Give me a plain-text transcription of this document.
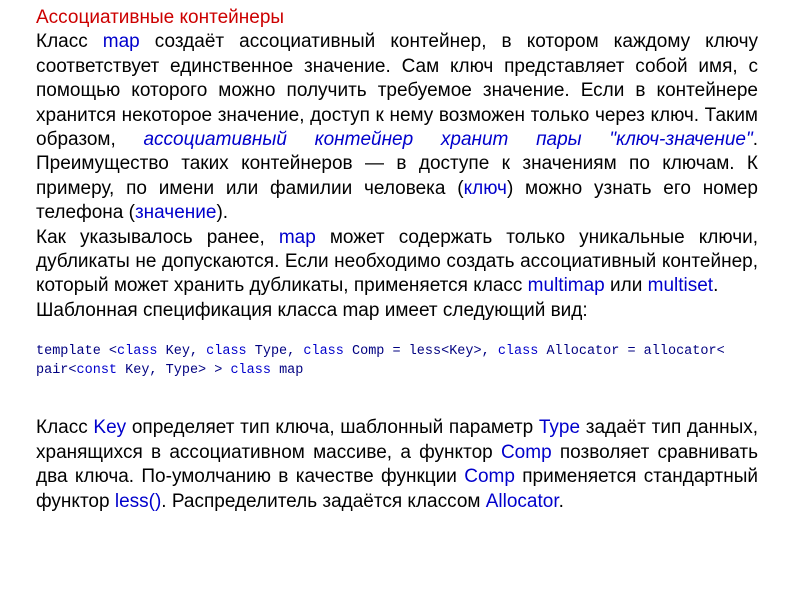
Ассоциативные контейнеры

Класс map создаёт ассоциативный контейнер, в котором каждому ключу соответствует единственное значение. Сам ключ представляет собой имя, с помощью которого можно получить требуемое значение. Если в контейнере хранится некоторое значение, доступ к нему возможен только через ключ. Таким образом, ассоциативный контейнер хранит пары "ключ-значение". Преимущество таких контейнеров — в доступе к значениям по ключам. К примеру, по имени или фамилии человека (ключ) можно узнать его номер телефона (значение).

Как указывалось ранее, map может содержать только уникальные ключи, дубликаты не допускаются. Если необходимо создать ассоциативный контейнер, который может хранить дубликаты, применяется класс multimap или multiset.

Шаблонная спецификация класса map имеет следующий вид:

template <class Key, class Type, class Comp = less<Key>, class Allocator = allocator< pair<const Key, Type> > class map

Класс Key определяет тип ключа, шаблонный параметр Type задаёт тип данных, хранящихся в ассоциативном массиве, а функтор Comp позволяет сравнивать два ключа. По-умолчанию в качестве функции Comp применяется стандартный функтор less(). Распределитель задаётся классом Allocator.
